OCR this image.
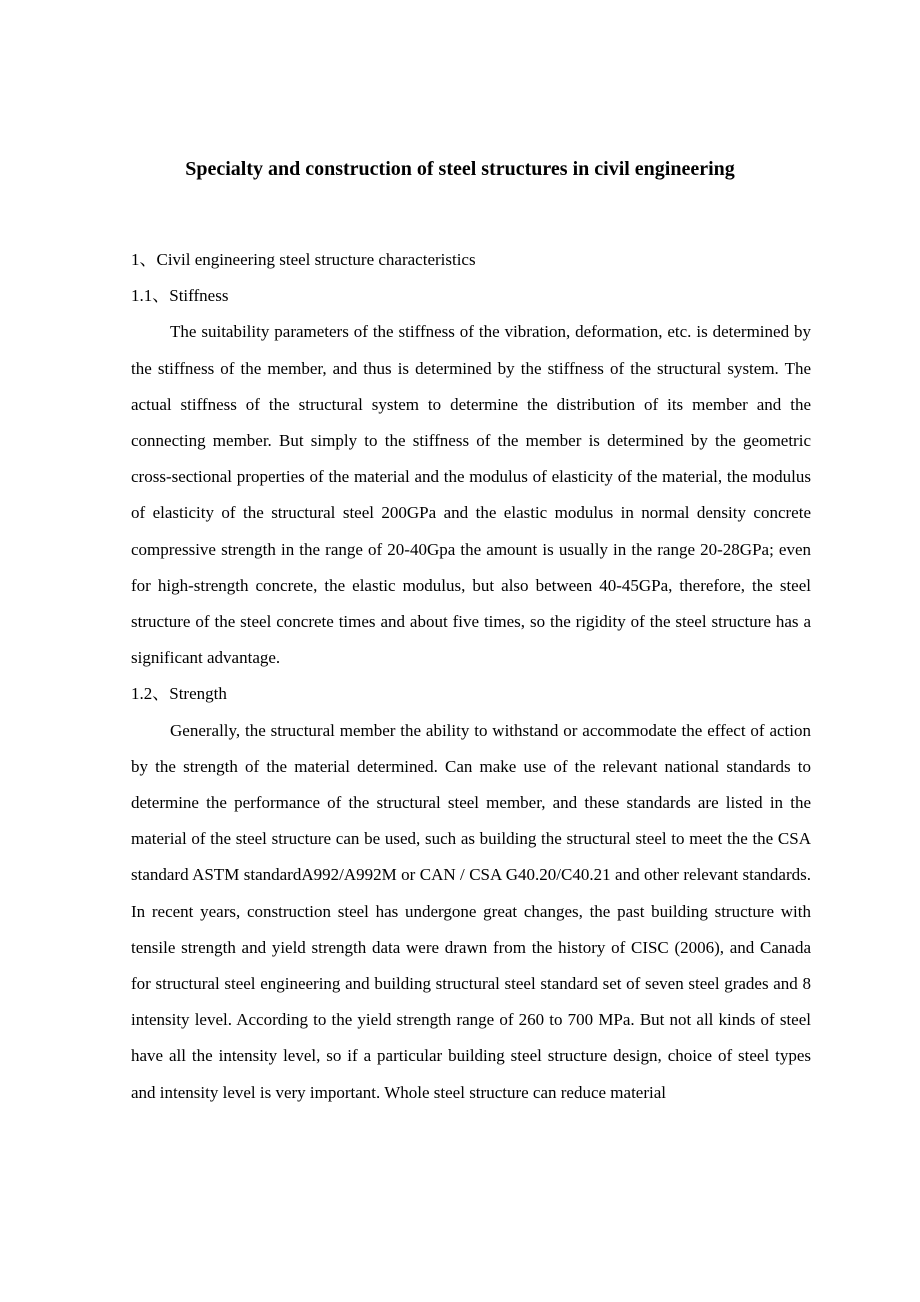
Specialty and construction of steel structures in civil engineering
1、Civil engineering steel structure characteristics
1.1、Stiffness

The suitability parameters of the stiffness of the vibration, deformation, etc. is determined by the stiffness of the member, and thus is determined by the stiffness of the structural system. The actual stiffness of the structural system to determine the distribution of its member and the connecting member. But simply to the stiffness of the member is determined by the geometric cross-sectional properties of the material and the modulus of elasticity of the material, the modulus of elasticity of the structural steel 200GPa and the elastic modulus in normal density concrete compressive strength in the range of 20-40Gpa the amount is usually in the range 20-28GPa; even for high-strength concrete, the elastic modulus, but also between 40-45GPa, therefore, the steel structure of the steel concrete times and about five times, so the rigidity of the steel structure has a significant advantage.

1.2、Strength

Generally, the structural member the ability to withstand or accommodate the effect of action by the strength of the material determined. Can make use of the relevant national standards to determine the performance of the structural steel member, and these standards are listed in the material of the steel structure can be used, such as building the structural steel to meet the the CSA standard ASTM standardA992/A992M or CAN / CSA G40.20/C40.21 and other relevant standards. In recent years, construction steel has undergone great changes, the past building structure with tensile strength and yield strength data were drawn from the history of CISC (2006), and Canada for structural steel engineering and building structural steel standard set of seven steel grades and 8 intensity level. According to the yield strength range of 260 to 700 MPa. But not all kinds of steel have all the intensity level, so if a particular building steel structure design, choice of steel types and intensity level is very important. Whole steel structure can reduce material
